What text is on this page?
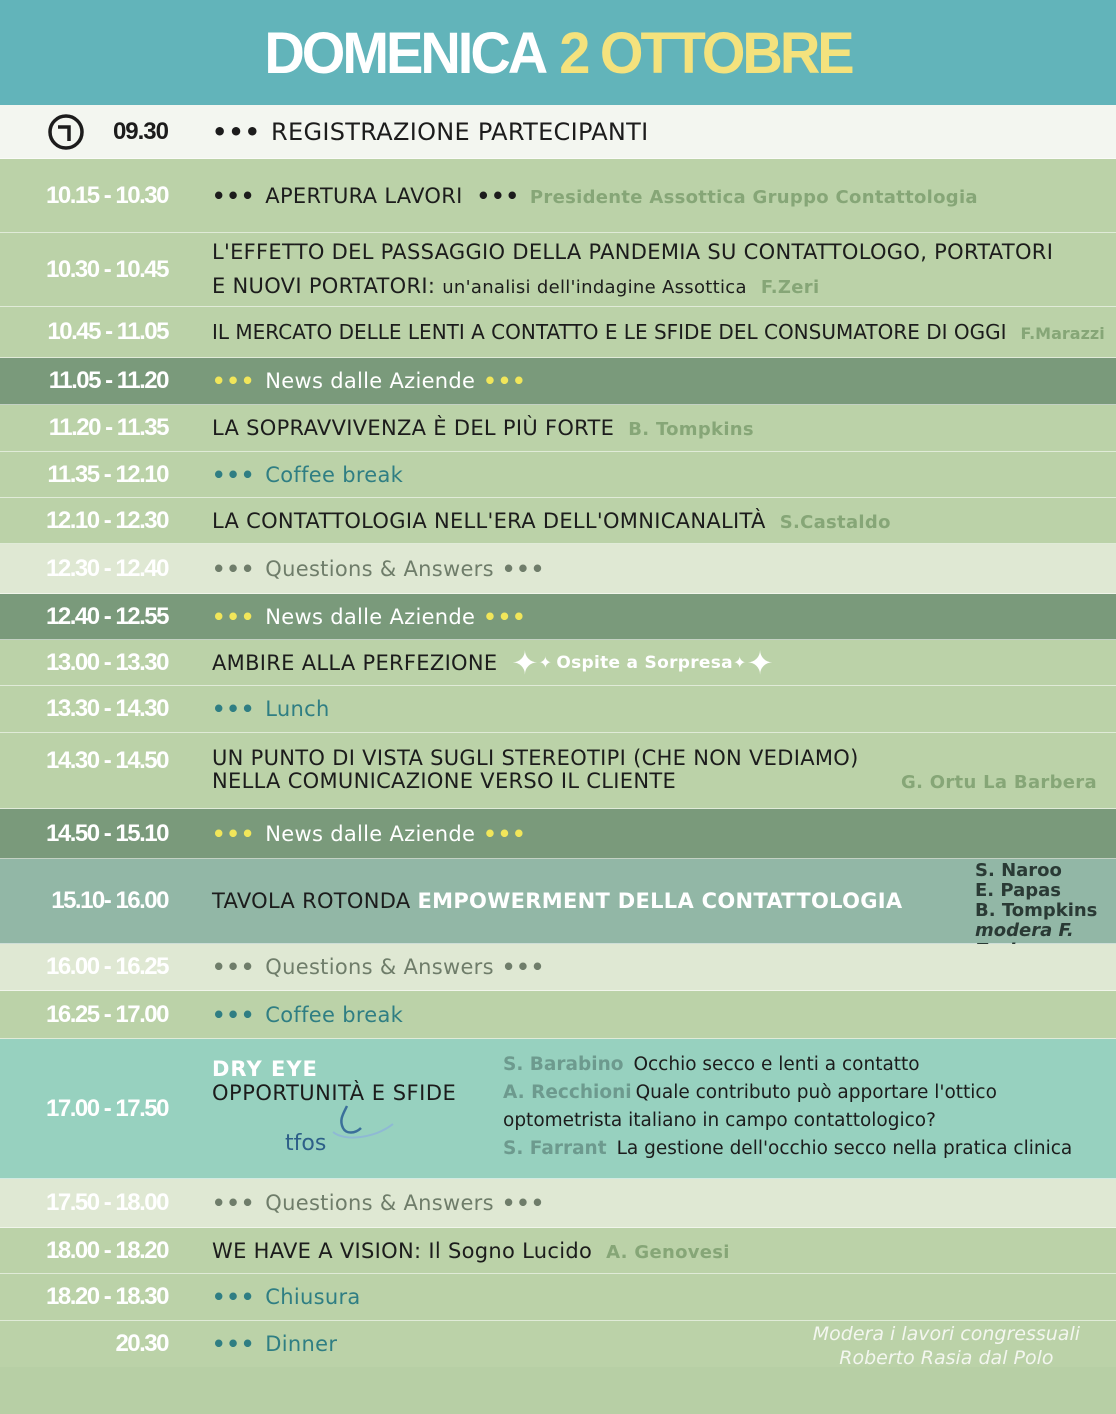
DOMENICA 2 OTTOBRE
09.30 ••• REGISTRAZIONE PARTECIPANTI
10.15 - 10.30 ••• APERTURA LAVORI ••• Presidente Assottica Gruppo Contattologia
10.30 - 10.45
L'EFFETTO DEL PASSAGGIO DELLA PANDEMIA SU CONTATTOLOGO, PORTATORI
E NUOVI PORTATORI: un'analisi dell'indagine Assottica F.Zeri
10.45 - 11.05 IL MERCATO DELLE LENTI A CONTATTO E LE SFIDE DEL CONSUMATORE DI OGGI F.Marazzi
11.05 - 11.20 ••• News dalle Aziende •••
11.20 - 11.35 LA SOPRAVVIVENZA È DEL PIÙ FORTE B. Tompkins
11.35 - 12.10 ••• Coffee break
12.10 - 12.30 LA CONTATTOLOGIA NELL'ERA DELL'OMNICANALITÀ S.Castaldo
12.30 - 12.40 ••• Questions & Answers •••
12.40 - 12.55 ••• News dalle Aziende •••
13.00 - 13.30 AMBIRE ALLA PERFEZIONE ✦ ✦ Ospite a Sorpresa ✦ ✦
13.30 - 14.30 ••• Lunch
14.30 - 14.50 UN PUNTO DI VISTA SUGLI STEREOTIPI (CHE NON VEDIAMO)
NELLA COMUNICAZIONE VERSO IL CLIENTE	G. Ortu La Barbera
14.50 - 15.10 ••• News dalle Aziende •••
15.10- 16.00 TAVOLA ROTONDA EMPOWERMENT DELLA CONTATTOLOGIA
S. Naroo
E. Papas
B. Tompkins
modera F.
16.00 - 16.25 ••• Questions & Answers •••
16.25 - 17.00 ••• Coffee break
17.00 - 17.50
DRY EYE
OPPORTUNITÀ E SFIDE
S. Barabino Occhio secco e lenti a contatto
A. Recchioni Quale contributo può apportare l'ottico optometrista italiano in campo contattologico?
S. Farrant La gestione dell'occhio secco nella pratica clinica
17.50 - 18.00 ••• Questions & Answers •••
18.00 - 18.20 WE HAVE A VISION: Il Sogno Lucido A. Genovesi
18.20 - 18.30 ••• Chiusura
20.30 ••• Dinner
tfos
Modera i lavori congressuali
Roberto Rasia dal Polo
